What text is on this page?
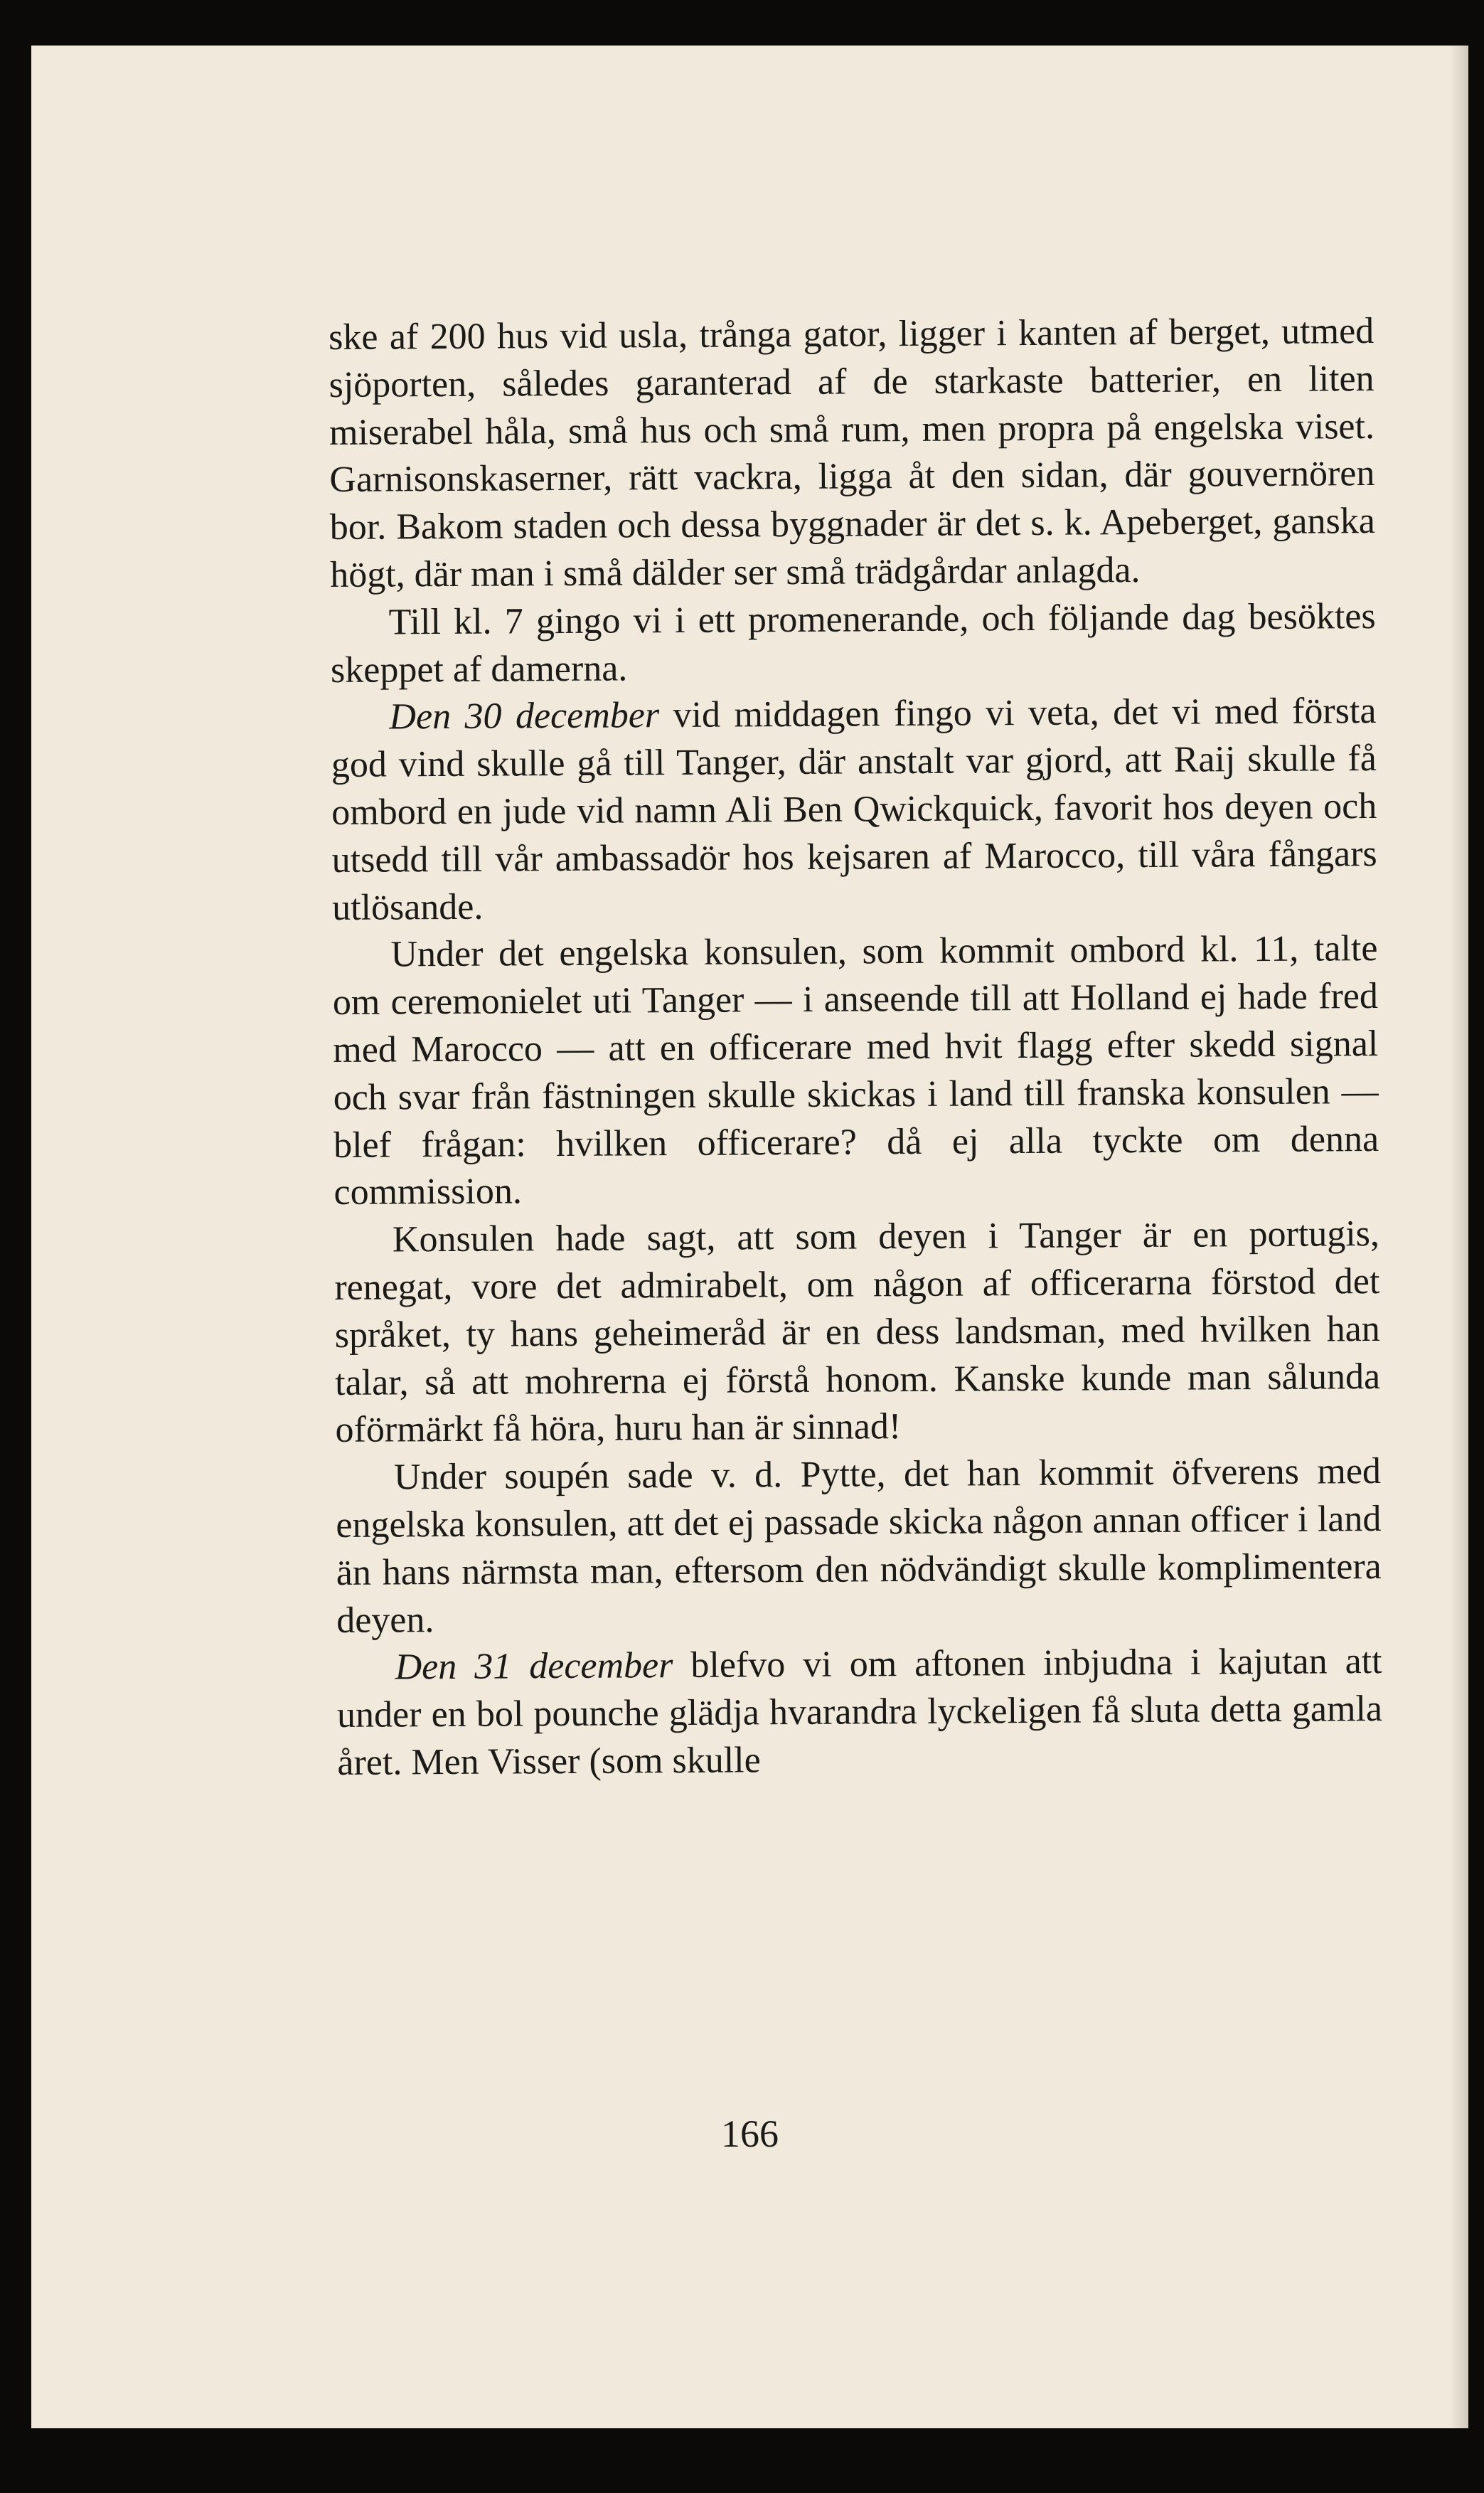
ske af 200 hus vid usla, trånga gator, ligger i kanten af berget, utmed sjöporten, således garanterad af de starkaste batterier, en liten miserabel håla, små hus och små rum, men propra på engelska viset. Garnisonskaserner, rätt vackra, ligga åt den sidan, där gouvernören bor. Bakom staden och dessa byggnader är det s. k. Apeberget, ganska högt, där man i små dälder ser små trädgårdar anlagda.

Till kl. 7 gingo vi i ett promenerande, och följande dag besöktes skeppet af damerna.

Den 30 december vid middagen fingo vi veta, det vi med första god vind skulle gå till Tanger, där anstalt var gjord, att Raij skulle få ombord en jude vid namn Ali Ben Qwickquick, favorit hos deyen och utsedd till vår ambassadör hos kejsaren af Marocco, till våra fångars utlösande.

Under det engelska konsulen, som kommit ombord kl. 11, talte om ceremonielet uti Tanger — i anseende till att Holland ej hade fred med Marocco — att en officerare med hvit flagg efter skedd signal och svar från fästningen skulle skickas i land till franska konsulen — blef frågan: hvilken officerare? då ej alla tyckte om denna commission.

Konsulen hade sagt, att som deyen i Tanger är en portugis, renegat, vore det admirabelt, om någon af officerarna förstod det språket, ty hans geheimeråd är en dess landsman, med hvilken han talar, så att mohrerna ej förstå honom. Kanske kunde man sålunda oförmärkt få höra, huru han är sinnad!

Under soupén sade v. d. Pytte, det han kommit öfverens med engelska konsulen, att det ej passade skicka någon annan officer i land än hans närmsta man, eftersom den nödvändigt skulle komplimentera deyen.

Den 31 december blefvo vi om aftonen inbjudna i kajutan att under en bol pounche glädja hvarandra lyckeligen få sluta detta gamla året. Men Visser (som skulle

166
